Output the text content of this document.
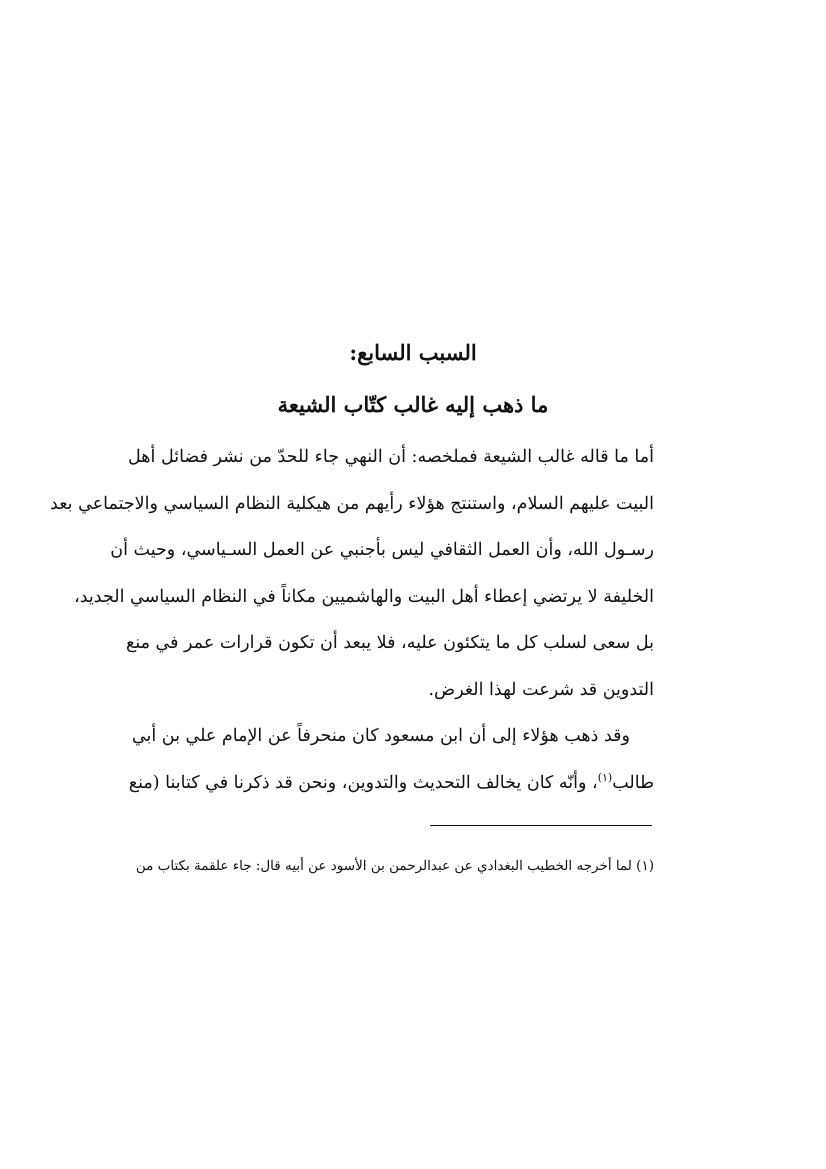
السبب السابع:
ما ذهب إليه غالب كتّاب الشيعة
أما ما قاله غالب الشيعة فملخصه: أن النهي جاء للحدّ من نشر فضائل أهل
البيت عليهم السلام، واستنتج هؤلاء رأيهم من هيكلية النظام السياسي والاجتماعي بعد
رسـول الله، وأن العمل الثقافي ليس بأجنبي عن العمل السـياسي، وحيث أن
الخليفة لا يرتضي إعطاء أهل البيت والهاشميين مكاناً في النظام السياسي الجديد،
بل سعى لسلب كل ما يتكئون عليه، فلا يبعد أن تكون قرارات عمر في منع
التدوين قد شرعت لهذا الغرض.
وقد ذهب هؤلاء إلى أن ابن مسعود كان منحرفاً عن الإمام علي بن أبي
طالب$^{(١)}$، وأنّه كان يخالف التحديث والتدوين، ونحن قد ذكرنا في كتابنا (منع

(١) لما أخرجه الخطيب البغدادي عن عبدالرحمن بن الأسود عن أبيه قال: جاء علقمة بكتاب من
